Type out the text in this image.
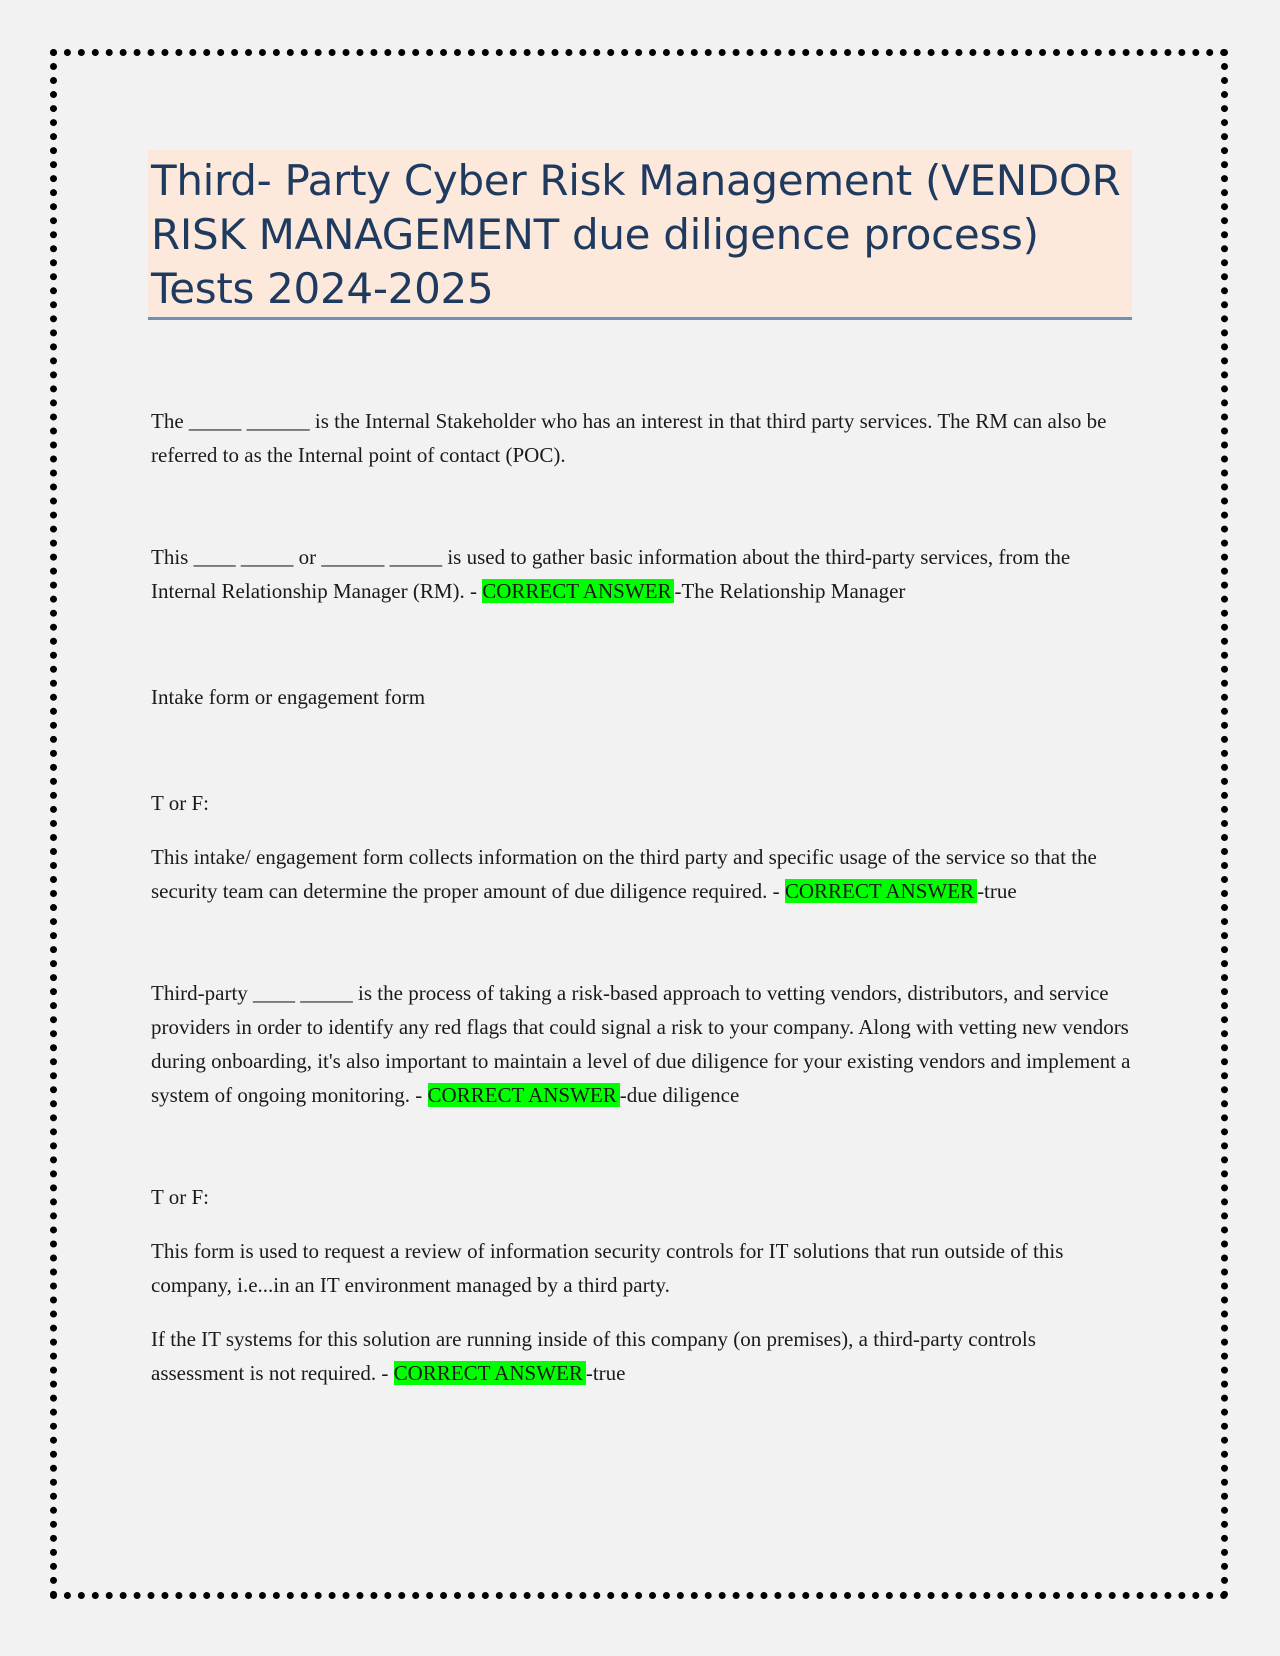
Third- Party Cyber Risk Management (VENDOR RISK MANAGEMENT due diligence process) Tests 2024-2025

The _____ ______ is the Internal Stakeholder who has an interest in that third party services. The RM can also be referred to as the Internal point of contact (POC).

This ____ _____ or ______ _____ is used to gather basic information about the third-party services, from the Internal Relationship Manager (RM). - CORRECT ANSWER -The Relationship Manager

Intake form or engagement form

T or F:

This intake/ engagement form collects information on the third party and specific usage of the service so that the security team can determine the proper amount of due diligence required. - CORRECT ANSWER -true

Third-party ____ _____ is the process of taking a risk-based approach to vetting vendors, distributors, and service providers in order to identify any red flags that could signal a risk to your company. Along with vetting new vendors during onboarding, it's also important to maintain a level of due diligence for your existing vendors and implement a system of ongoing monitoring. - CORRECT ANSWER -due diligence

T or F:

This form is used to request a review of information security controls for IT solutions that run outside of this company, i.e...in an IT environment managed by a third party.

If the IT systems for this solution are running inside of this company (on premises), a third-party controls assessment is not required. - CORRECT ANSWER -true
